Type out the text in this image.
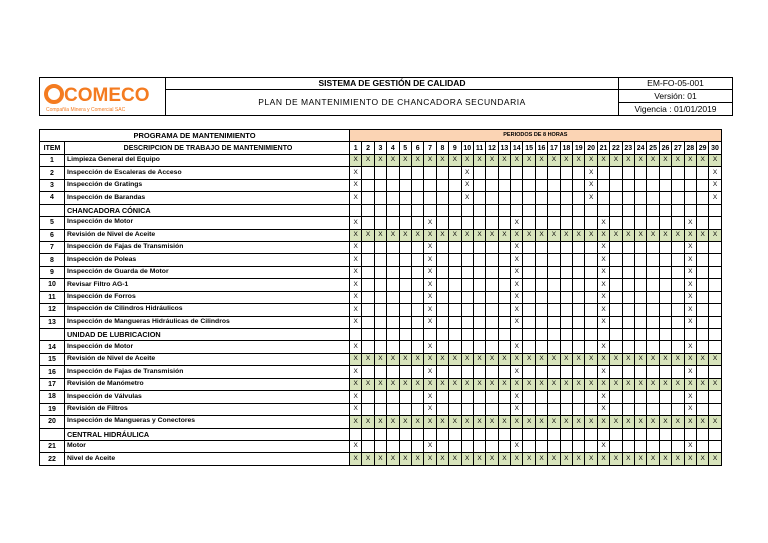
COMECO
Compañía Minera y Comercial SAC	SISTEMA DE GESTIÓN DE CALIDAD	EM-FO-05-001
	PLAN DE MANTENIMIENTO DE CHANCADORA SECUNDARIA	Versión: 01
		Vigencia : 01/01/2019
PROGRAMA DE MANTENIMIENTO		PERIODOS DE 8 HORAS																													
ITEM	DESCRIPCION DE TRABAJO DE MANTENIMIENTO	1	2	3	4	5	6	7	8	9	10	11	12	13	14	15	16	17	18	19	20	21	22	23	24	25	26	27	28	29	30
1	Limpieza General del Equipo	X	X	X	X	X	X	X	X	X	X	X	X	X	X	X	X	X	X	X	X	X	X	X	X	X	X	X	X	X	X
2	Inspección de Escaleras de Acceso	X									X										X										X
3	Inspección de Gratings	X									X										X										X
4	Inspección de Barandas	X									X										X										X
	CHANCADORA CÓNICA																														
5	Inspección de Motor	X						X							X							X							X		
6	Revisión de Nivel de Aceite	X	X	X	X	X	X	X	X	X	X	X	X	X	X	X	X	X	X	X	X	X	X	X	X	X	X	X	X	X	X
7	Inspección de Fajas de Transmisión	X						X							X							X							X		
8	Inspección de Poleas	X						X							X							X							X		
9	Inspección de Guarda de Motor	X						X							X							X							X		
10	Revisar Filtro AG-1	X						X							X							X							X		
11	Inspección de Forros	X						X							X							X							X		
12	Inspección de Cilindros Hidráulicos	X						X							X							X							X		
13	Inspección de Mangueras Hidráulicas de Cilindros	X						X							X							X							X		
	UNIDAD DE LUBRICACION																														
14	Inspección de Motor	X						X							X							X							X		
15	Revisión de Nivel de Aceite	X	X	X	X	X	X	X	X	X	X	X	X	X	X	X	X	X	X	X	X	X	X	X	X	X	X	X	X	X	X
16	Inspección de Fajas de Transmisión	X						X							X							X							X		
17	Revisión de Manómetro	X	X	X	X	X	X	X	X	X	X	X	X	X	X	X	X	X	X	X	X	X	X	X	X	X	X	X	X	X	X
18	Inspección de Válvulas	X						X							X							X							X		
19	Revisión de Filtros	X						X							X							X							X		
20	Inspección de Mangueras y Conectores	X	X	X	X	X	X	X	X	X	X	X	X	X	X	X	X	X	X	X	X	X	X	X	X	X	X	X	X	X	X
	CENTRAL HIDRÁULICA																														
21	Motor	X						X							X							X							X		
22	Nivel de Aceite	X	X	X	X	X	X	X	X	X	X	X	X	X	X	X	X	X	X	X	X	X	X	X	X	X	X	X	X	X	X
